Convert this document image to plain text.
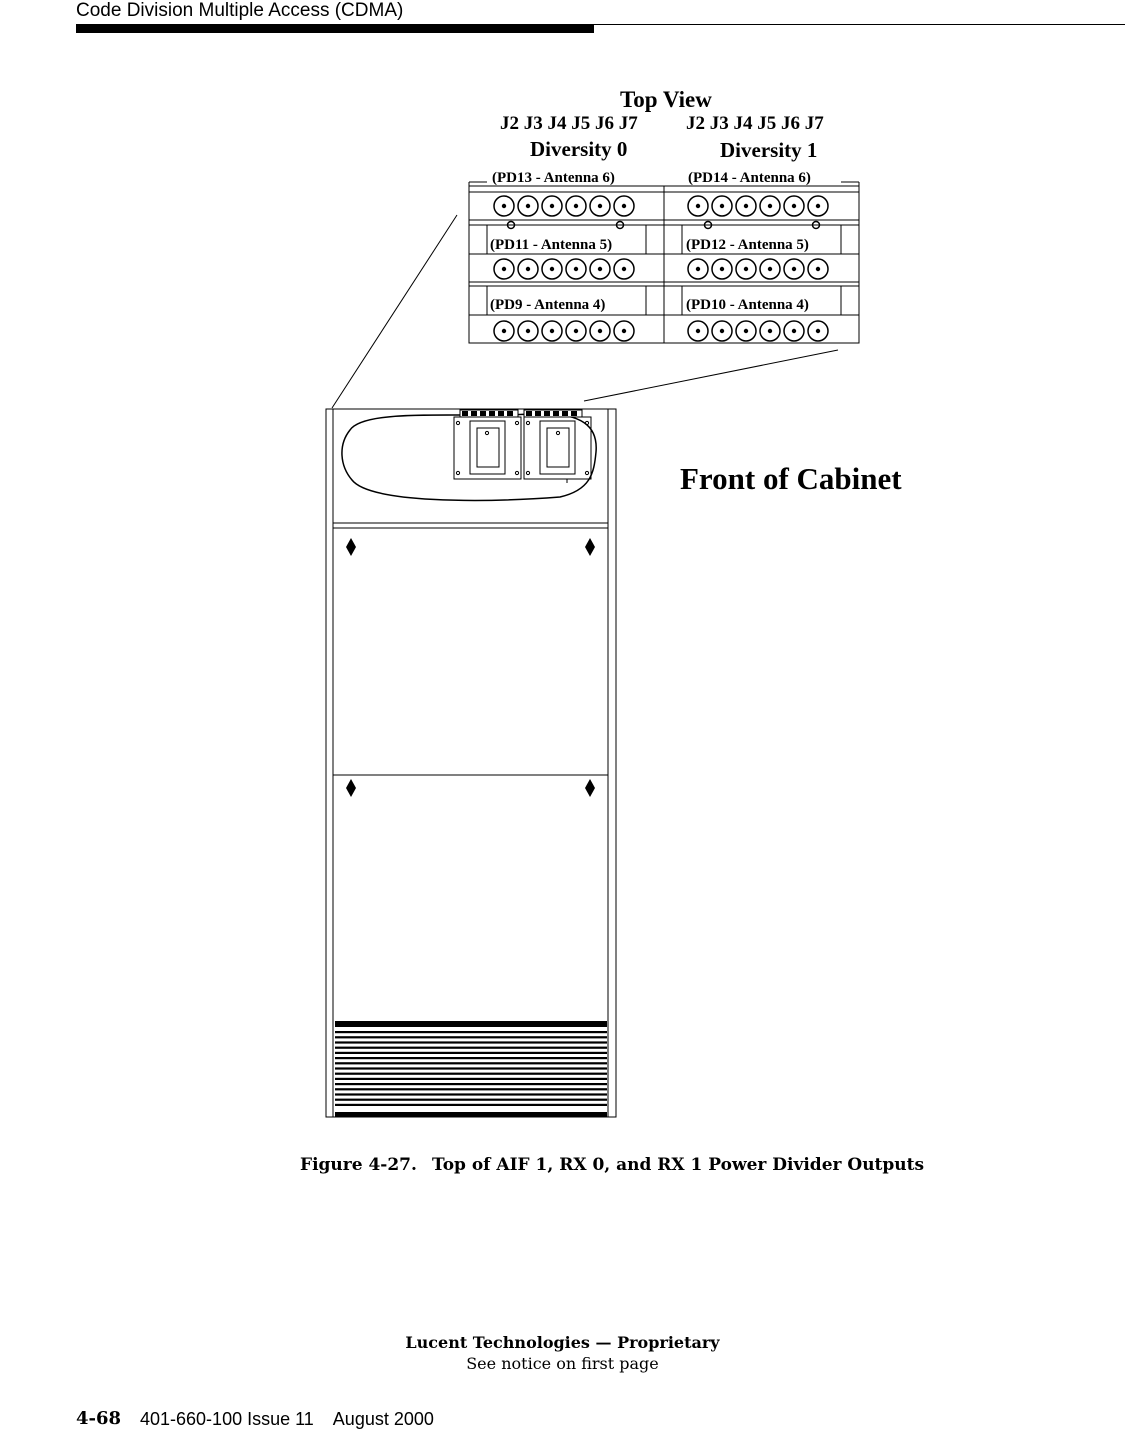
Code Division Multiple Access (CDMA)
Top View
J2 J3 J4 J5 J6 J7	J2 J3 J4 J5 J6 J7
Diversity 0	Diversity 1
(PD13 - Antenna 6)	(PD14 - Antenna 6)
(PD11 - Antenna 5)	(PD12 - Antenna 5)
(PD9 - Antenna 4)	(PD10 - Antenna 4)
Front of Cabinet
Figure 4-27. Top of AIF 1, RX 0, and RX 1 Power Divider Outputs
Lucent Technologies — Proprietary
See notice on first page
4-68 401-660-100 Issue 11    August 2000
